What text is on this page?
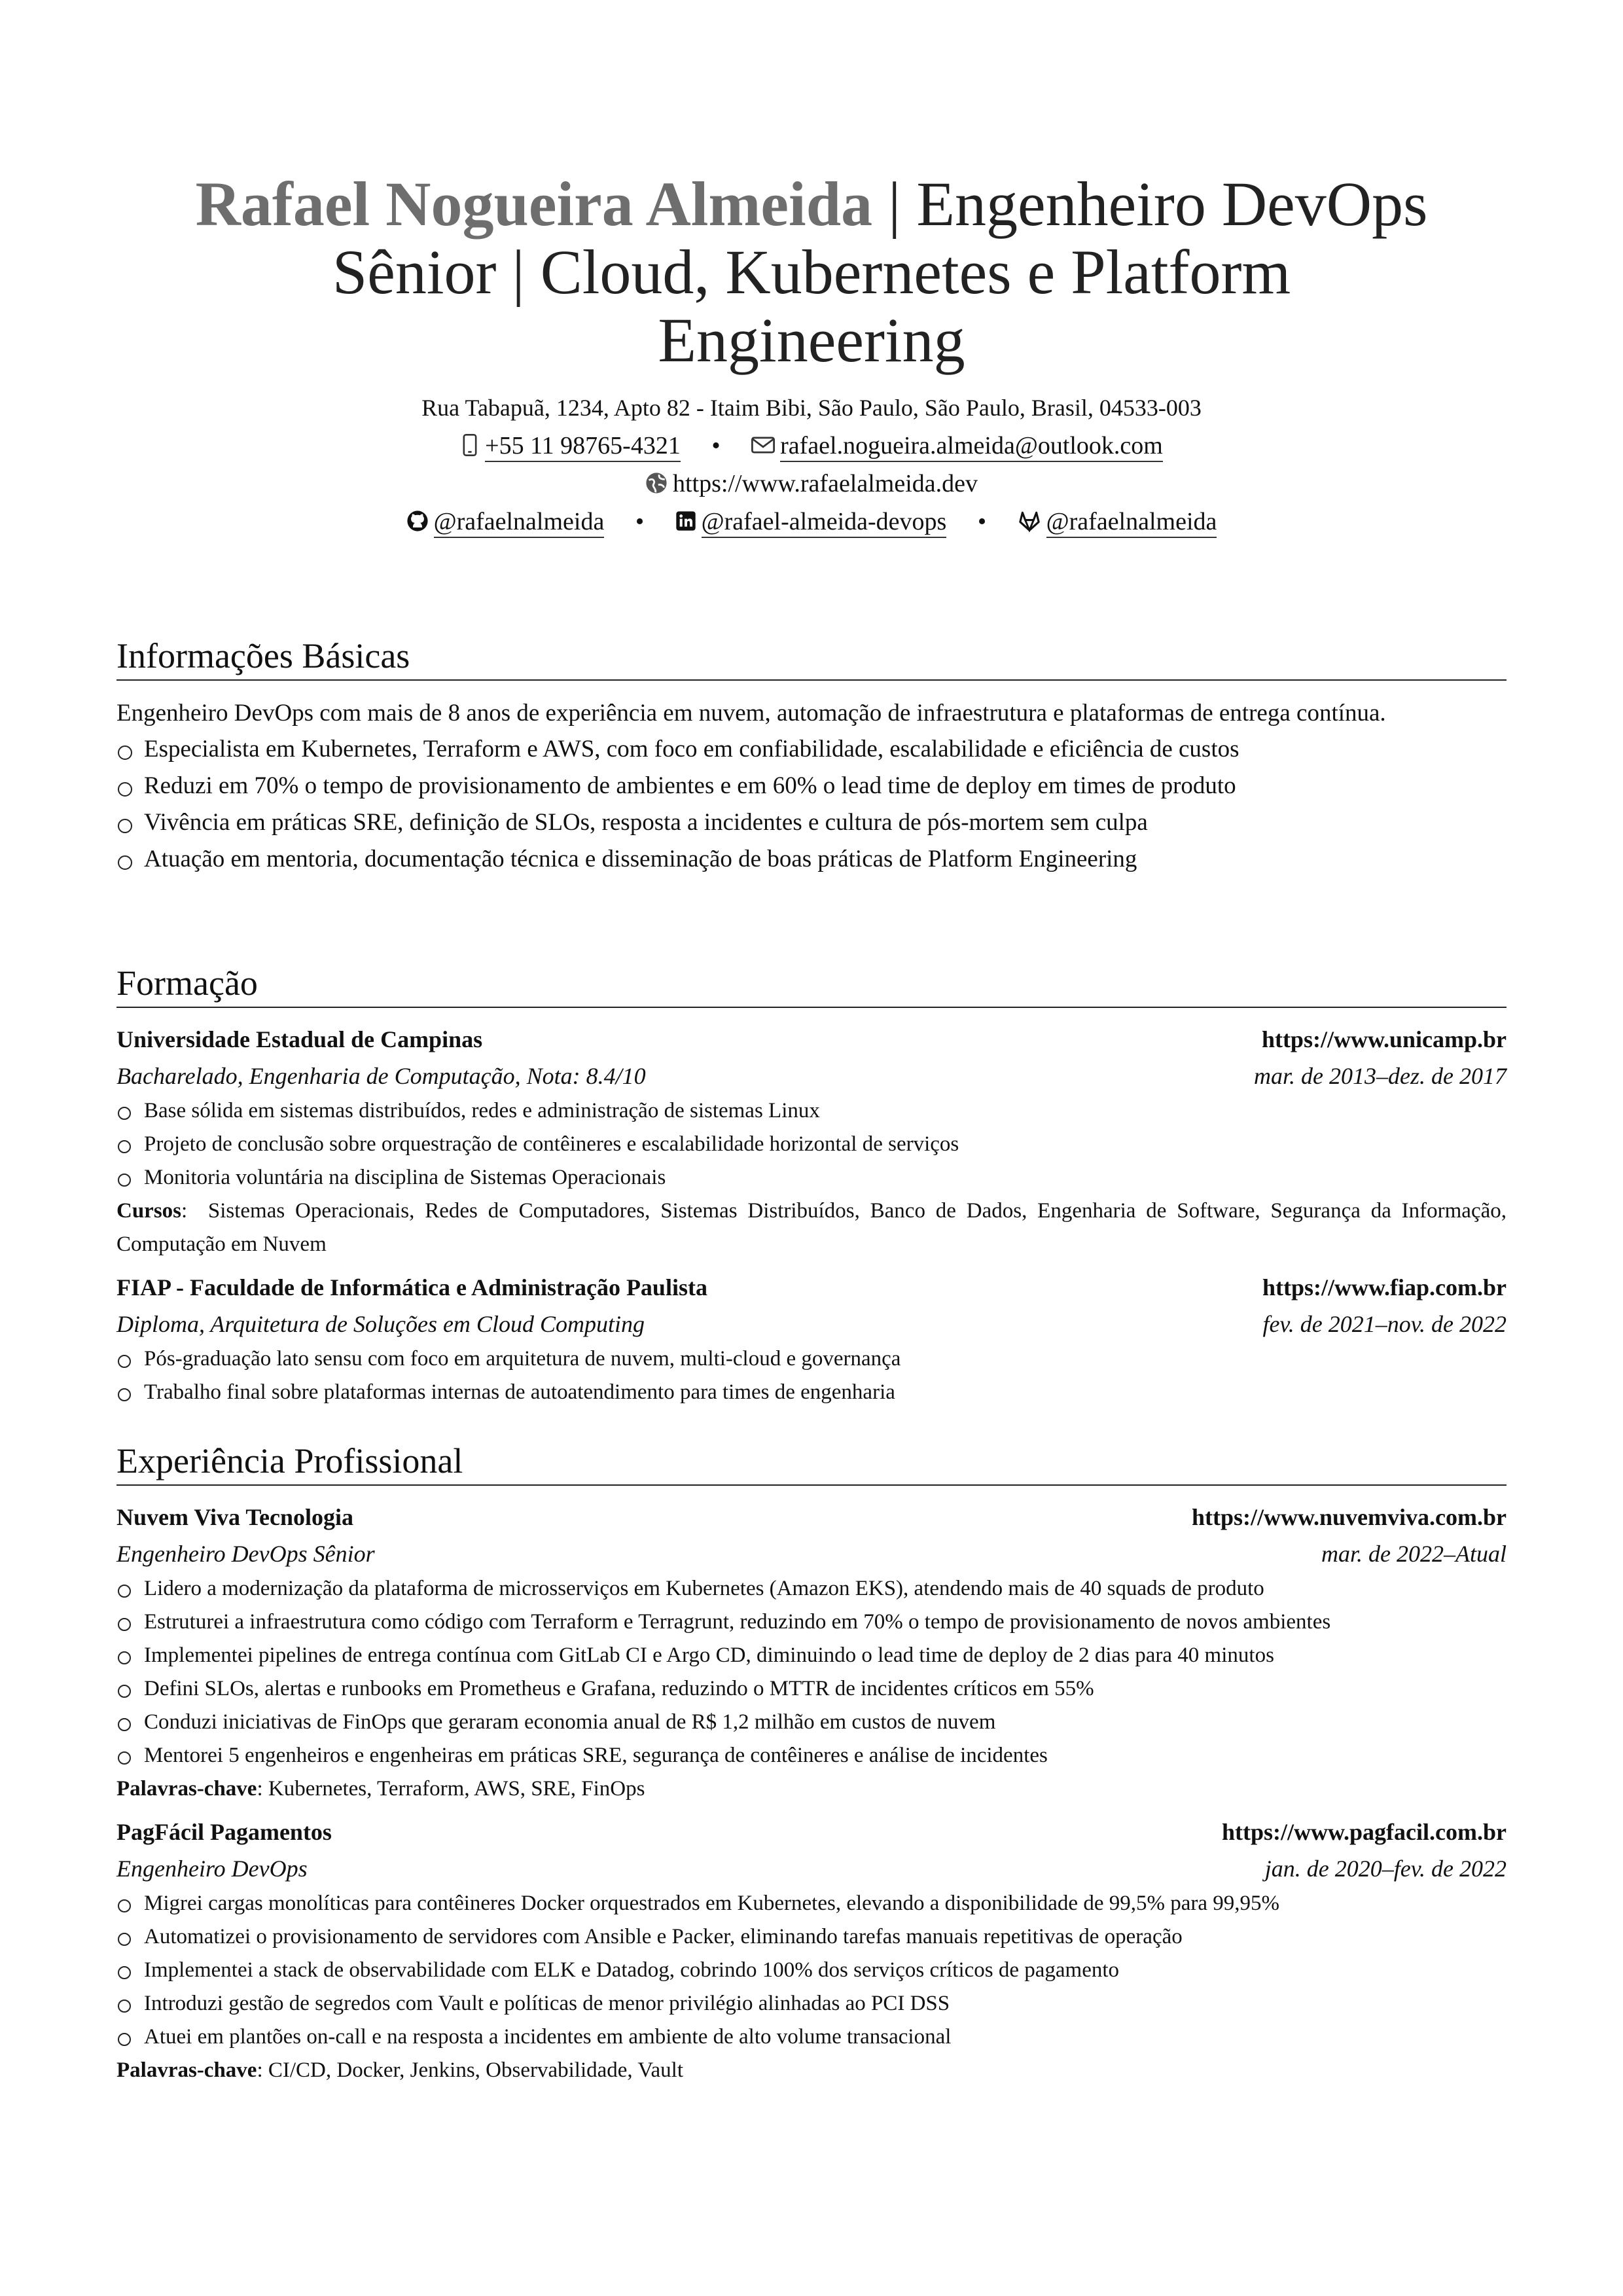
Rafael Nogueira Almeida | Engenheiro DevOps Sênior | Cloud, Kubernetes e Platform Engineering
Rua Tabapuã, 1234, Apto 82 - Itaim Bibi, São Paulo, São Paulo, Brasil, 04533-003
+55 11 98765-4321 • rafael.nogueira.almeida@outlook.com
https://www.rafaelalmeida.dev
@rafaelnalmeida • @rafael-almeida-devops • @rafaelnalmeida
Informações Básicas

Engenheiro DevOps com mais de 8 anos de experiência em nuvem, automação de infraestrutura e plataformas de entrega contínua.

Especialista em Kubernetes, Terraform e AWS, com foco em confiabilidade, escalabilidade e eficiência de custos
Reduzi em 70% o tempo de provisionamento de ambientes e em 60% o lead time de deploy em times de produto
Vivência em práticas SRE, definição de SLOs, resposta a incidentes e cultura de pós-mortem sem culpa
Atuação em mentoria, documentação técnica e disseminação de boas práticas de Platform Engineering
Formação
Universidade Estadual de Campinas	https://www.unicamp.br
Bacharelado, Engenharia de Computação, Nota: 8.4/10	mar. de 2013–dez. de 2017
Base sólida em sistemas distribuídos, redes e administração de sistemas Linux
Projeto de conclusão sobre orquestração de contêineres e escalabilidade horizontal de serviços
Monitoria voluntária na disciplina de Sistemas Operacionais
Cursos:  Sistemas Operacionais, Redes de Computadores, Sistemas Distribuídos, Banco de Dados, Engenharia de Software, Segurança da Informação, Computação em Nuvem
FIAP - Faculdade de Informática e Administração Paulista	https://www.fiap.com.br
Diploma, Arquitetura de Soluções em Cloud Computing	fev. de 2021–nov. de 2022
Pós-graduação lato sensu com foco em arquitetura de nuvem, multi-cloud e governança
Trabalho final sobre plataformas internas de autoatendimento para times de engenharia
Experiência Profissional
Nuvem Viva Tecnologia	https://www.nuvemviva.com.br
Engenheiro DevOps Sênior	mar. de 2022–Atual
Lidero a modernização da plataforma de microsserviços em Kubernetes (Amazon EKS), atendendo mais de 40 squads de produto
Estruturei a infraestrutura como código com Terraform e Terragrunt, reduzindo em 70% o tempo de provisionamento de novos ambientes
Implementei pipelines de entrega contínua com GitLab CI e Argo CD, diminuindo o lead time de deploy de 2 dias para 40 minutos
Defini SLOs, alertas e runbooks em Prometheus e Grafana, reduzindo o MTTR de incidentes críticos em 55%
Conduzi iniciativas de FinOps que geraram economia anual de R$ 1,2 milhão em custos de nuvem
Mentorei 5 engenheiros e engenheiras em práticas SRE, segurança de contêineres e análise de incidentes
Palavras-chave: Kubernetes, Terraform, AWS, SRE, FinOps
PagFácil Pagamentos	https://www.pagfacil.com.br
Engenheiro DevOps	jan. de 2020–fev. de 2022
Migrei cargas monolíticas para contêineres Docker orquestrados em Kubernetes, elevando a disponibilidade de 99,5% para 99,95%
Automatizei o provisionamento de servidores com Ansible e Packer, eliminando tarefas manuais repetitivas de operação
Implementei a stack de observabilidade com ELK e Datadog, cobrindo 100% dos serviços críticos de pagamento
Introduzi gestão de segredos com Vault e políticas de menor privilégio alinhadas ao PCI DSS
Atuei em plantões on-call e na resposta a incidentes em ambiente de alto volume transacional
Palavras-chave: CI/CD, Docker, Jenkins, Observabilidade, Vault
